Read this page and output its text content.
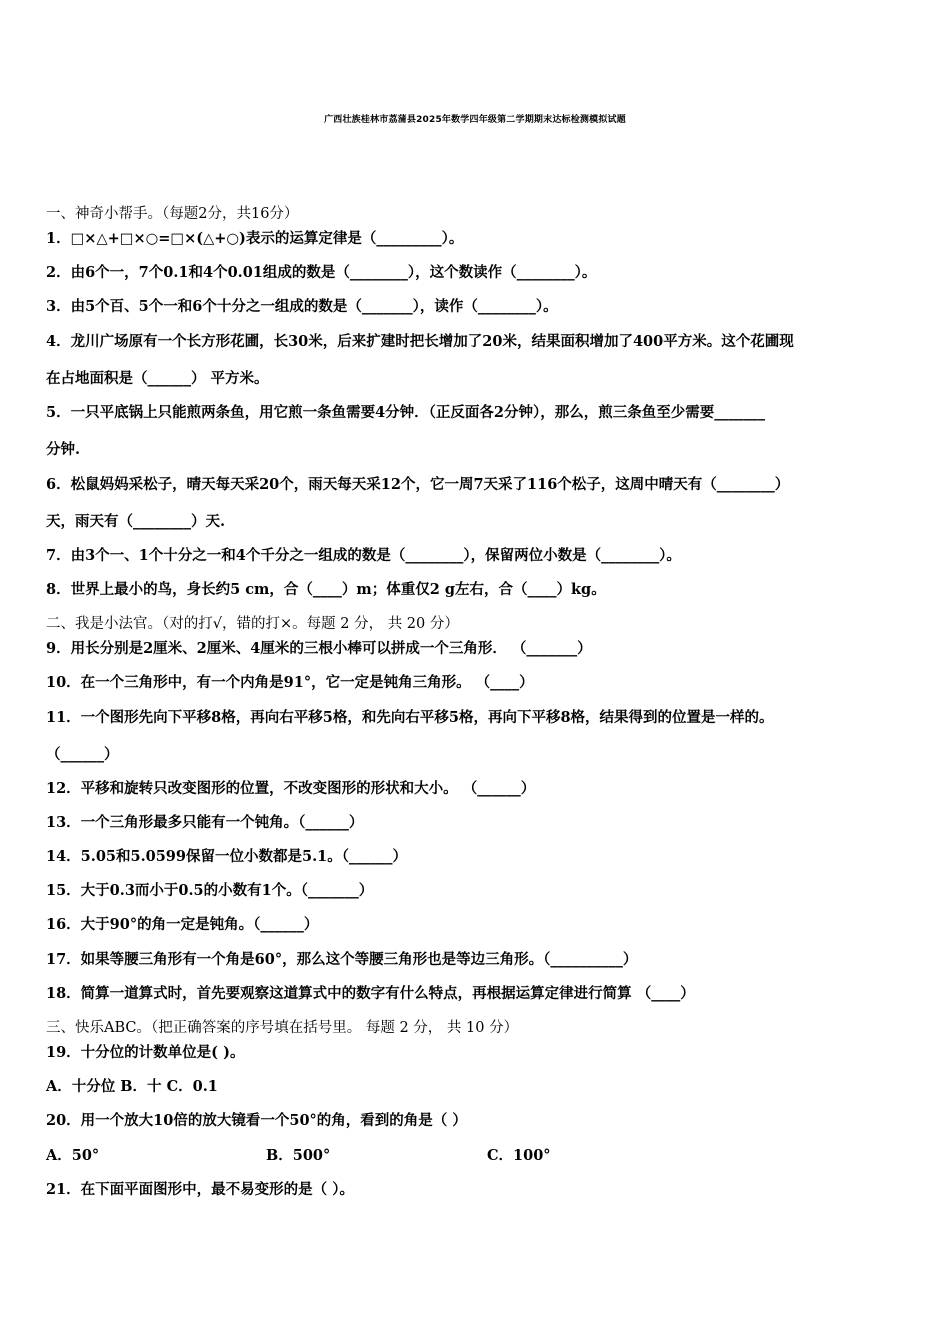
广西壮族桂林市荔蒲县2025年数学四年级第二学期期末达标检测模拟试题
一、神奇小帮手。（每题2分，共16分）
1．□×△+□×○=□×(△+○)表示的运算定律是（_________）。
2．由6个一，7个0.1和4个0.01组成的数是（________），这个数读作（________）。
3．由5个百、5个一和6个十分之一组成的数是（_______），读作（________）。
4．龙川广场原有一个长方形花圃，长30米，后来扩建时把长增加了20米，结果面积增加了400平方米。这个花圃现
在占地面积是（______） 平方米。
5．一只平底锅上只能煎两条鱼，用它煎一条鱼需要4分钟．（正反面各2分钟），那么，煎三条鱼至少需要_______
分钟.
6．松鼠妈妈采松子，晴天每天采20个，雨天每天采12个，它一周7天采了116个松子，这周中晴天有（________）
天，雨天有（________）天.
7．由3个一、1个十分之一和4个千分之一组成的数是（________），保留两位小数是（________）。
8．世界上最小的鸟，身长约5 cm，合（____）m；体重仅2 g左右，合（____）kg。
二、我是小法官。（对的打√，错的打×。每题 2 分， 共 20 分）
9．用长分别是2厘米、2厘米、4厘米的三根小棒可以拼成一个三角形． （_______）
10．在一个三角形中，有一个内角是91°，它一定是钝角三角形。 （____）
11．一个图形先向下平移8格，再向右平移5格，和先向右平移5格，再向下平移8格，结果得到的位置是一样的。
（______）
12．平移和旋转只改变图形的位置，不改变图形的形状和大小。 （______）
13．一个三角形最多只能有一个钝角。（______）
14．5.05和5.0599保留一位小数都是5.1。（______）
15．大于0.3而小于0.5的小数有1个。（_______）
16．大于90°的角一定是钝角。（______）
17．如果等腰三角形有一个角是60°，那么这个等腰三角形也是等边三角形。（__________）
18．简算一道算式时，首先要观察这道算式中的数字有什么特点，再根据运算定律进行简算 （____）
三、快乐ABC。（把正确答案的序号填在括号里。 每题 2 分， 共 10 分）
19．十分位的计数单位是( )。
A．十分位 B．十 C．0.1
20．用一个放大10倍的放大镜看一个50°的角，看到的角是（ ）
A．50°	B．500°	C．100°
21．在下面平面图形中，最不易变形的是（ ）。
